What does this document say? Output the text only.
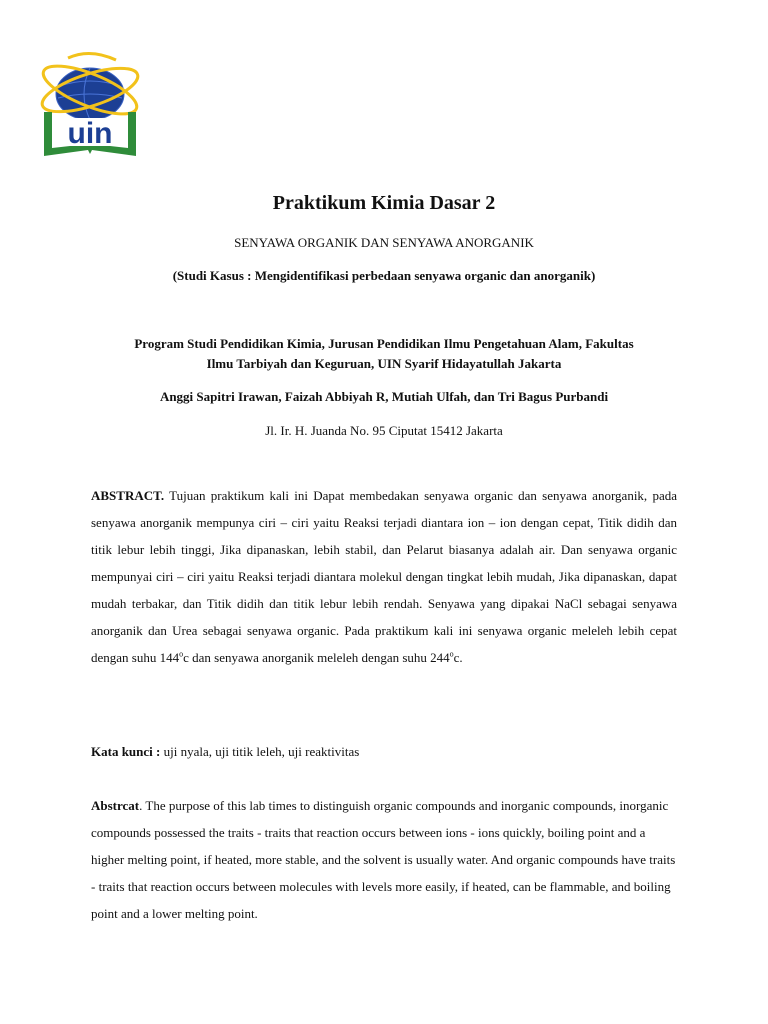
uin
Praktikum Kimia Dasar 2
SENYAWA ORGANIK DAN SENYAWA ANORGANIK
(Studi Kasus : Mengidentifikasi perbedaan senyawa organic dan anorganik)
Program Studi Pendidikan Kimia, Jurusan Pendidikan Ilmu Pengetahuan Alam, Fakultas
Ilmu Tarbiyah dan Keguruan, UIN Syarif Hidayatullah Jakarta
Anggi Sapitri Irawan, Faizah Abbiyah R, Mutiah Ulfah, dan Tri Bagus Purbandi
Jl. Ir. H. Juanda No. 95 Ciputat 15412 Jakarta
ABSTRACT. Tujuan praktikum kali ini Dapat membedakan senyawa organic dan senyawa anorganik, pada senyawa anorganik mempunya ciri – ciri yaitu Reaksi terjadi diantara ion – ion dengan cepat, Titik didih dan titik lebur lebih tinggi, Jika dipanaskan, lebih stabil, dan Pelarut biasanya adalah air. Dan senyawa organic mempunyai ciri – ciri yaitu Reaksi terjadi diantara molekul dengan tingkat lebih mudah, Jika dipanaskan, dapat mudah terbakar, dan Titik didih dan titik lebur lebih rendah. Senyawa yang dipakai NaCl sebagai senyawa anorganik dan Urea sebagai senyawa organic. Pada praktikum kali ini senyawa organic meleleh lebih cepat dengan suhu 144$^o$c dan senyawa anorganik meleleh dengan suhu 244$^o$c.
Kata kunci : uji nyala, uji titik leleh, uji reaktivitas
Abstrcat. The purpose of this lab times to distinguish organic compounds and inorganic compounds, inorganic compounds possessed the traits - traits that reaction occurs between ions - ions quickly, boiling point and a higher melting point, if heated, more stable, and the solvent is usually water. And organic compounds have traits - traits that reaction occurs between molecules with levels more easily, if heated, can be flammable, and boiling point and a lower melting point.
